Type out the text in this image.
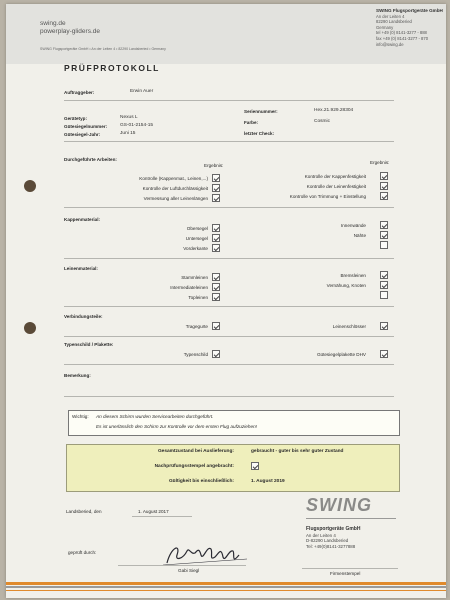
swing.de
powerplay-gliders.de
SWING Flugsportgeräte GmbH • An der Leiten 4 • 82290 Landsberied • Germany
SWING Flugsportgeräte GmbH
An der Leiten 4
82290 Landsberied
Germany
tel +49 (0) 8141-3277 - 888
fax +49 (0) 8141-3277 - 870
info@swing.de
PRÜFPROTOKOLL
Auftraggeber:	Erwin Auer
Gerätetyp:	Nexus L
Gütesiegelnummer:	GS-01-2154-15
Gütesiegel-Jahr:	Juni 15
Seriennummer:	Hex.21.929.28304
Farbe:	Cosmic
letzter Check:
Durchgeführte Arbeiten:
Ergebnis:
Ergebnis:
Kontrolle (Kappenmat., Leinen,...)
Kontrolle der Luftdurchlässigkeit
Vermessung aller Leinenlängen
Kontrolle der Kappenfestigkeit
Kontrolle der Leinenfestigkeit
Kontrolle von Trimmung + Einstellung
Kappenmaterial:
Obersegel
Untersegel
Vorderkante
Innenwände
Nähte
Leinenmaterial:
Stammleinen
Intermediateleinen
Topleinen
Bremsleinen
Vernähung, Knoten
Verbindungsteile:
Tragegurte	Leinenschlösser
Typenschild / Plakette:
Typenschild	Gütesiegelplakette DHV
Bemerkung:
Wichtig: An diesem Schirm wurden Servicearbeiten durchgeführt.
Es ist unerlässlich den Schirm zur Kontrolle vor dem ersten Flug aufzuziehen!
Gesamtzustand bei Auslieferung:	gebraucht - guter bis sehr guter Zustand
Nachprüfungsstempel angebracht:
Gültigkeit bis einschließlich:	1. August 2019
Landsberied, den	1. August 2017	SWING
Flugsportgeräte GmbH
An der Leiten 4
D-82290 Landsberied
Tel: +49(0)8141-3277888
geprüft durch:
Gabi Siegl
Firmenstempel
